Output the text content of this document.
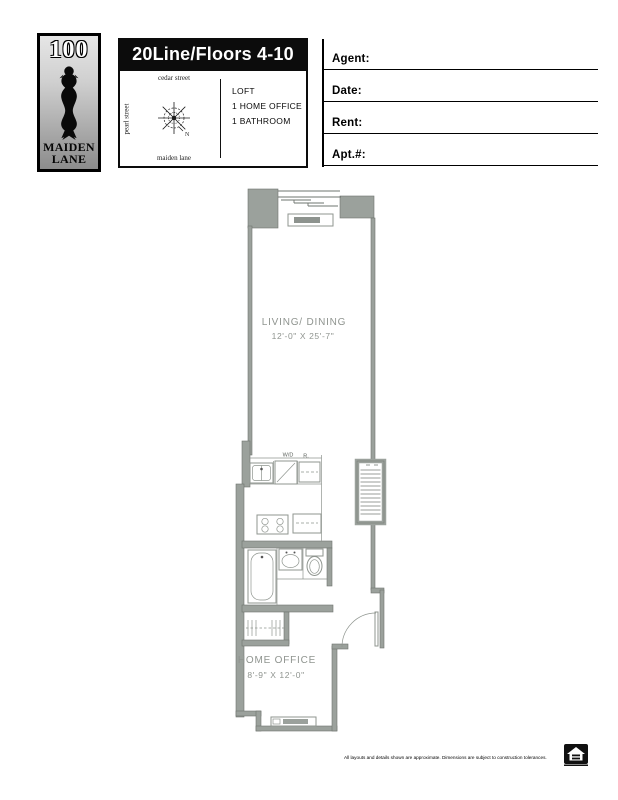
100
MAIDEN
LANE
20Line/Floors 4-10
cedar street
pearl street
N
maiden lane
LOFT
1 HOME OFFICE
1 BATHROOM
Agent:
Date:
Rent:
Apt.#:
W/D R.
LIVING/ DINING
12'-0" X 25'-7"
HOME OFFICE
8'-9" X 12'-0"
All layouts and details shown are approximate. Dimensions are subject to construction tolerances.
